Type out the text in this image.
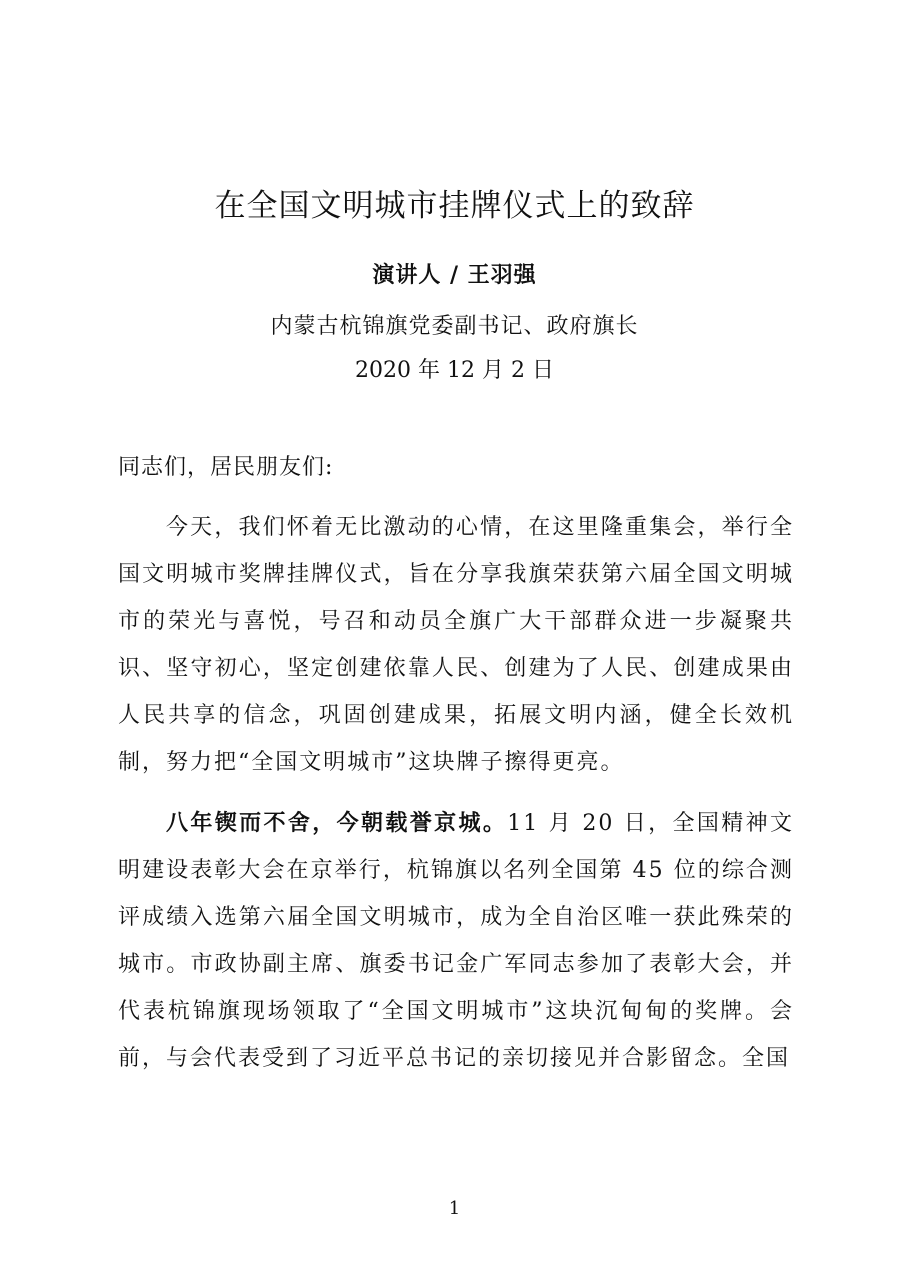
在全国文明城市挂牌仪式上的致辞
演讲人 / 王羽强
内蒙古杭锦旗党委副书记、政府旗长
2020 年 12 月 2 日
同志们，居民朋友们:

今天，我们怀着无比激动的心情，在这里隆重集会，举行全国文明城市奖牌挂牌仪式，旨在分享我旗荣获第六届全国文明城市的荣光与喜悦，号召和动员全旗广大干部群众进一步凝聚共识、坚守初心，坚定创建依靠人民、创建为了人民、创建成果由人民共享的信念，巩固创建成果，拓展文明内涵，健全长效机制，努力把“全国文明城市”这块牌子擦得更亮。

八年锲而不舍，今朝载誉京城。11 月 20 日，全国精神文明建设表彰大会在京举行，杭锦旗以名列全国第 45 位的综合测评成绩入选第六届全国文明城市，成为全自治区唯一获此殊荣的城市。市政协副主席、旗委书记金广军同志参加了表彰大会，并代表杭锦旗现场领取了“全国文明城市”这块沉甸甸的奖牌。会前，与会代表受到了习近平总书记的亲切接见并合影留念。全国

1
